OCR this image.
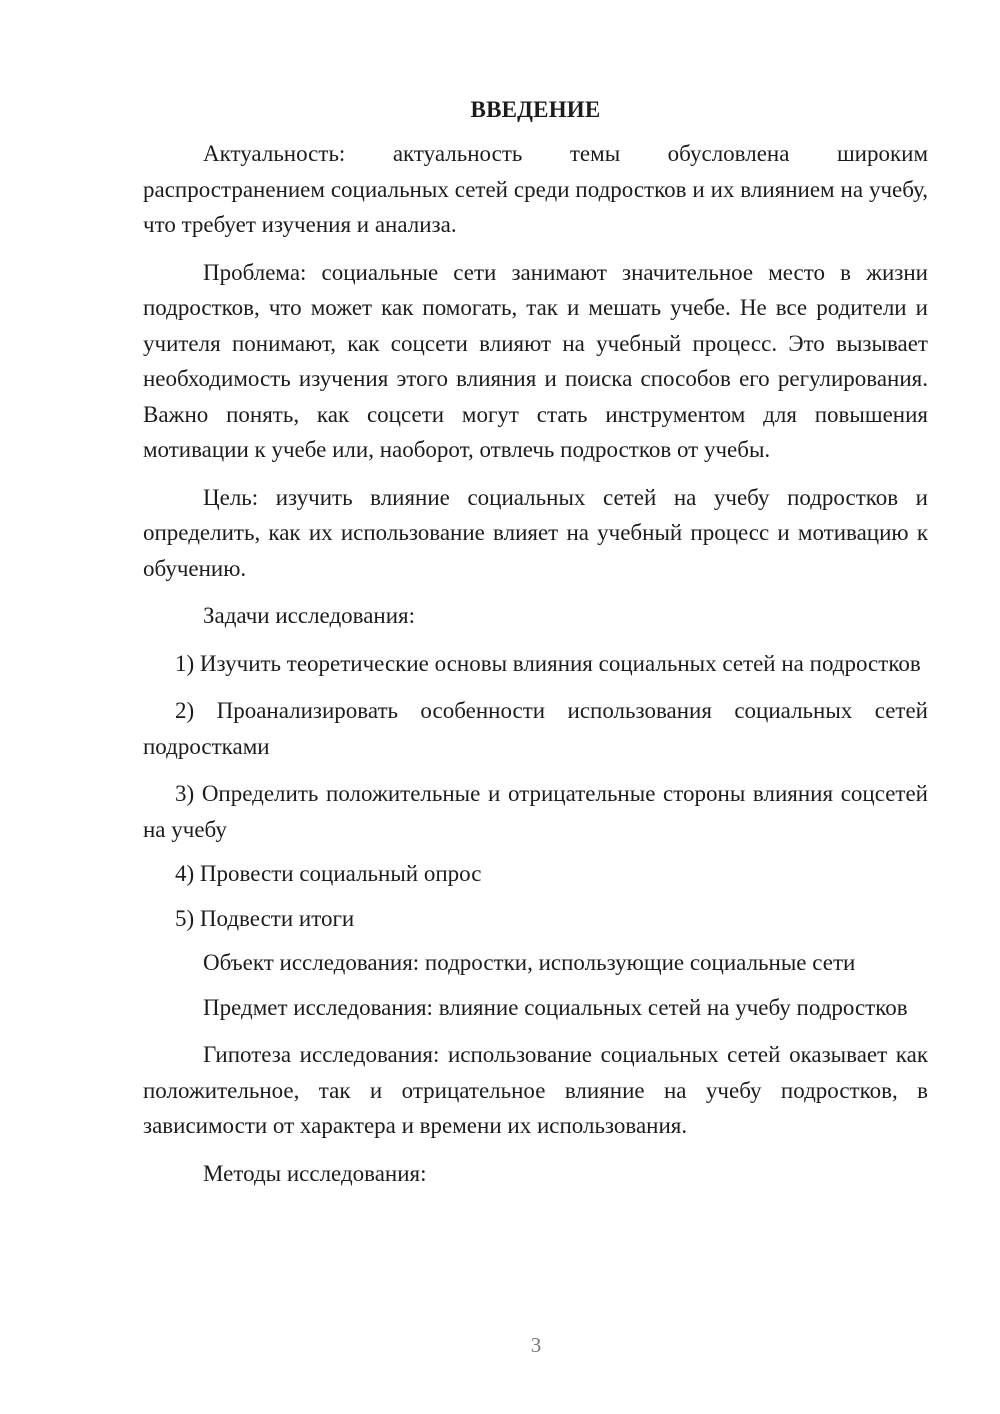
ВВЕДЕНИЕ

Актуальность: актуальность темы обусловлена широким распространением социальных сетей среди подростков и их влиянием на учебу, что требует изучения и анализа.

Проблема: социальные сети занимают значительное место в жизни подростков, что может как помогать, так и мешать учебе. Не все родители и учителя понимают, как соцсети влияют на учебный процесс. Это вызывает необходимость изучения этого влияния и поиска способов его регулирования. Важно понять, как соцсети могут стать инструментом для повышения мотивации к учебе или, наоборот, отвлечь подростков от учебы.

Цель: изучить влияние социальных сетей на учебу подростков и определить, как их использование влияет на учебный процесс и мотивацию к обучению.

Задачи исследования:

1) Изучить теоретические основы влияния социальных сетей на подростков

2) Проанализировать особенности использования социальных сетей подростками

3) Определить положительные и отрицательные стороны влияния соцсетей на учебу

4) Провести социальный опрос

5) Подвести итоги

Объект исследования: подростки, использующие социальные сети

Предмет исследования: влияние социальных сетей на учебу подростков

Гипотеза исследования: использование социальных сетей оказывает как положительное, так и отрицательное влияние на учебу подростков, в зависимости от характера и времени их использования.

Методы исследования:

3
